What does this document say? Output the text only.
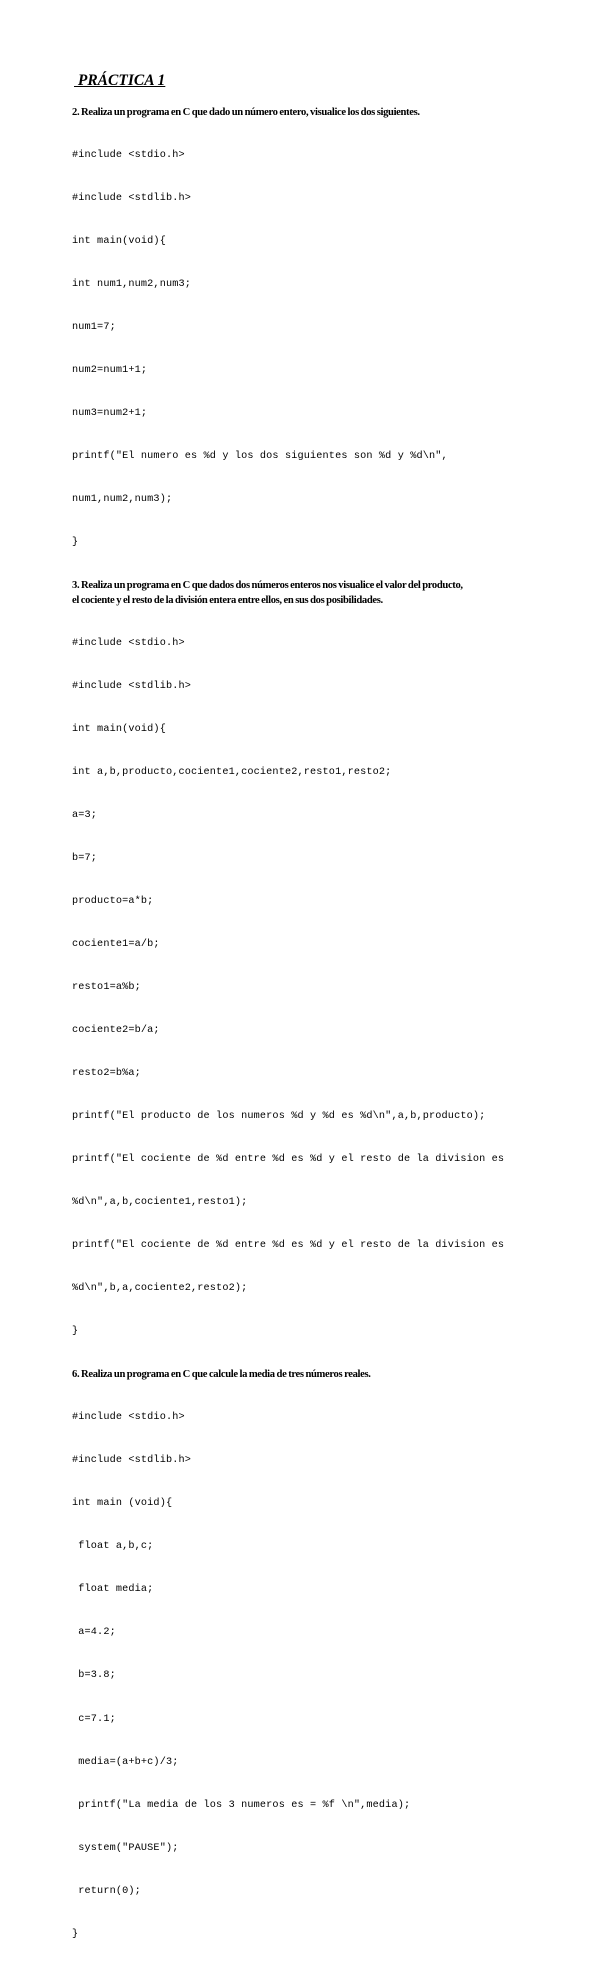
PRÁCTICA 1

2. Realiza un programa en C que dado un número entero, visualice los dos siguientes.

#include <stdio.h>

#include <stdlib.h>

int main(void){

int num1,num2,num3;

num1=7;

num2=num1+1;

num3=num2+1;

printf("El numero es %d y los dos siguientes son %d y %d\n",

num1,num2,num3);

}

3. Realiza un programa en C que dados dos números enteros nos visualice el valor del producto,
el cociente y el resto de la división entera entre ellos, en sus dos posibilidades.

#include <stdio.h>

#include <stdlib.h>

int main(void){

int a,b,producto,cociente1,cociente2,resto1,resto2;

a=3;

b=7;

producto=a*b;

cociente1=a/b;

resto1=a%b;

cociente2=b/a;

resto2=b%a;

printf("El producto de los numeros %d y %d es %d\n",a,b,producto);

printf("El cociente de %d entre %d es %d y el resto de la division es

%d\n",a,b,cociente1,resto1);

printf("El cociente de %d entre %d es %d y el resto de la division es

%d\n",b,a,cociente2,resto2);

}

6. Realiza un programa en C que calcule la media de tres números reales.

#include <stdio.h>

#include <stdlib.h>

int main (void){

float a,b,c;

float media;

a=4.2;

b=3.8;

c=7.1;

media=(a+b+c)/3;

printf("La media de los 3 numeros es = %f \n",media);

system("PAUSE");

return(0);

}
